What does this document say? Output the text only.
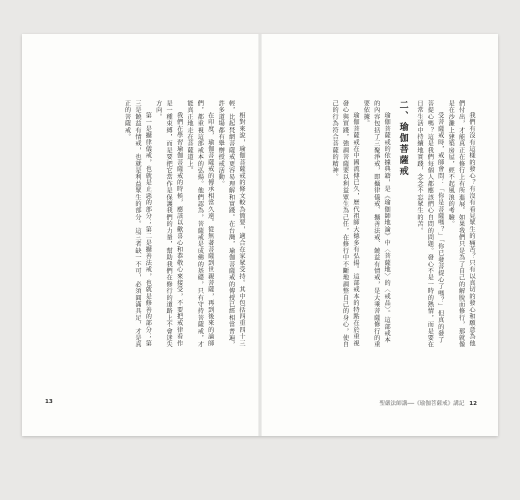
相對來說，瑜伽菩薩戒的條文較為簡要，適合在家眾受持。其中包括四重四十三輕，比起梵網菩薩戒更容易理解和實踐。在台灣，瑜伽菩薩戒的傳授已經相當普遍，許多道場都有舉辦授戒活動。

在印度，瑜伽菩薩戒的傳承相當久遠。從無著菩薩到世親菩薩，再到後來的論師們，都重視這部戒本的弘揚。他們認為，菩薩戒是成佛的基礎，只有守持菩薩戒，才能真正地走在菩薩道上。

我們在學習瑜伽菩薩戒的時候，應該以歡喜心和恭敬心來接受，不要把戒律看作是一種束縛，而是要把它當作是保護我們的力量，幫助我們在修行的道路上不會迷失方向。

第一是攝律儀戒，也就是止惡的部分；第二是攝善法戒，也就是修善的部分；第三是饒益有情戒，也就是利益眾生的部分。這三者缺一不可，必須圓滿具足，才是真正的菩薩戒。

13

我們有沒有這樣的發心？有沒有看見眾生的痛苦？只有以真切的發心和願意為他們付出，才能真正在修行上有所進展。如果我們只是為了自己的解脫而修行，那就像是在沙灘上建築房屋，經不起風浪的考驗。

受菩薩戒時，戒師會問：「你是菩薩嗎？」「你已發菩提心了嗎？」但真的發了菩提心嗎？這是我們每個人都應該捫心自問的問題。發心不是一時的熱情，而是要在日常生活中持續地實踐，念念不忘眾生的苦。

二、瑜伽菩薩戒

瑜伽菩薩戒的依據典籍，是《瑜伽師地論》中〈菩薩地〉的〈戒品〉。這部戒本的內容包括了三聚淨戒，即攝律儀戒、攝善法戒、饒益有情戒，是大乘菩薩修行的重要依據。

瑜伽菩薩戒在中國流傳已久，歷代祖師大德多有弘揚。這部戒本的特點在於重視發心與實踐，強調菩薩要以利益眾生為己任，在修行中不斷地調整自己的身心，使自己的行為符合菩薩的精神。

聖嚴法師講──《瑜伽菩薩戒》講記 12
